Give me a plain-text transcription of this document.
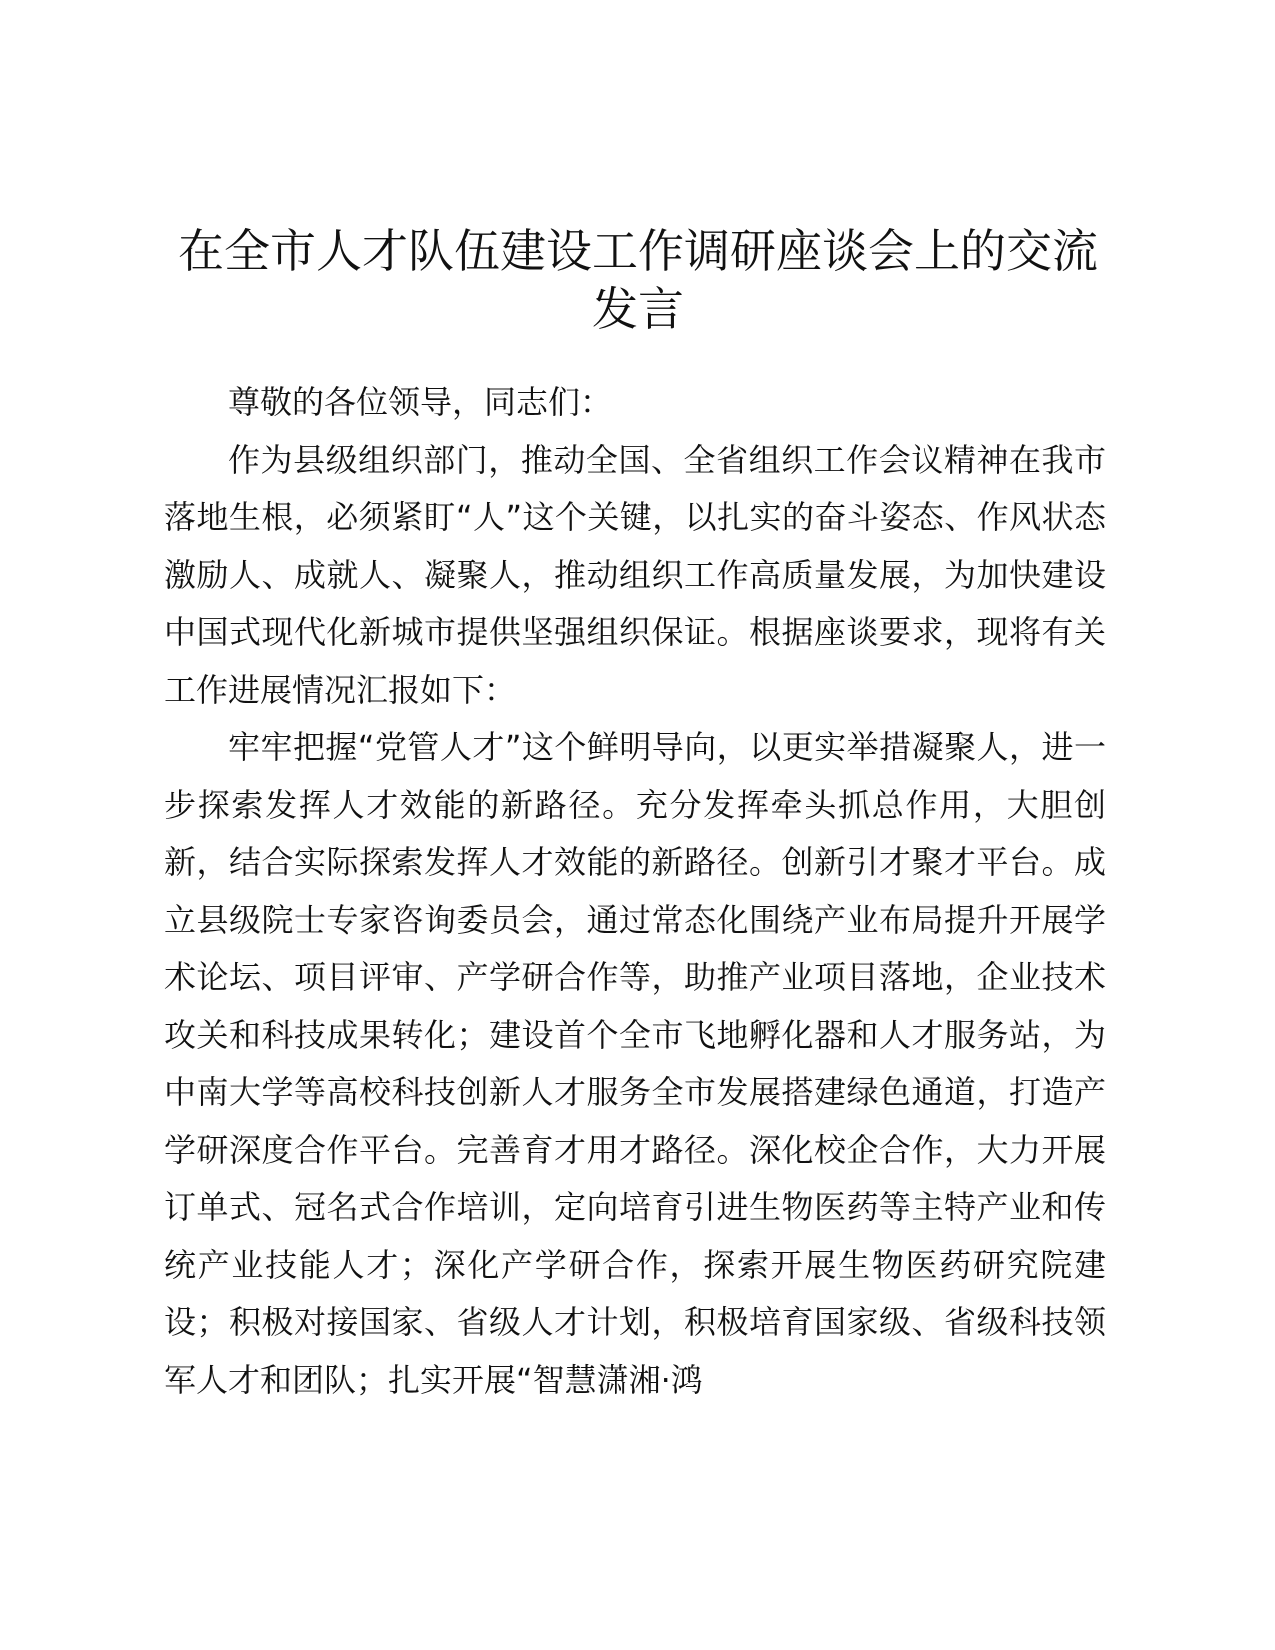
在全市人才队伍建设工作调研座谈会上的交流发言

尊敬的各位领导，同志们：

作为县级组织部门，推动全国、全省组织工作会议精神在我市落地生根，必须紧盯“人”这个关键，以扎实的奋斗姿态、作风状态激励人、成就人、凝聚人，推动组织工作高质量发展，为加快建设中国式现代化新城市提供坚强组织保证。根据座谈要求，现将有关工作进展情况汇报如下：

牢牢把握“党管人才”这个鲜明导向，以更实举措凝聚人，进一步探索发挥人才效能的新路径。充分发挥牵头抓总作用，大胆创新，结合实际探索发挥人才效能的新路径。创新引才聚才平台。成立县级院士专家咨询委员会，通过常态化围绕产业布局提升开展学术论坛、项目评审、产学研合作等，助推产业项目落地，企业技术攻关和科技成果转化；建设首个全市飞地孵化器和人才服务站，为中南大学等高校科技创新人才服务全市发展搭建绿色通道，打造产学研深度合作平台。完善育才用才路径。深化校企合作，大力开展订单式、冠名式合作培训，定向培育引进生物医药等主特产业和传统产业技能人才；深化产学研合作，探索开展生物医药研究院建设；积极对接国家、省级人才计划，积极培育国家级、省级科技领军人才和团队；扎实开展“智慧潇湘·鸿
